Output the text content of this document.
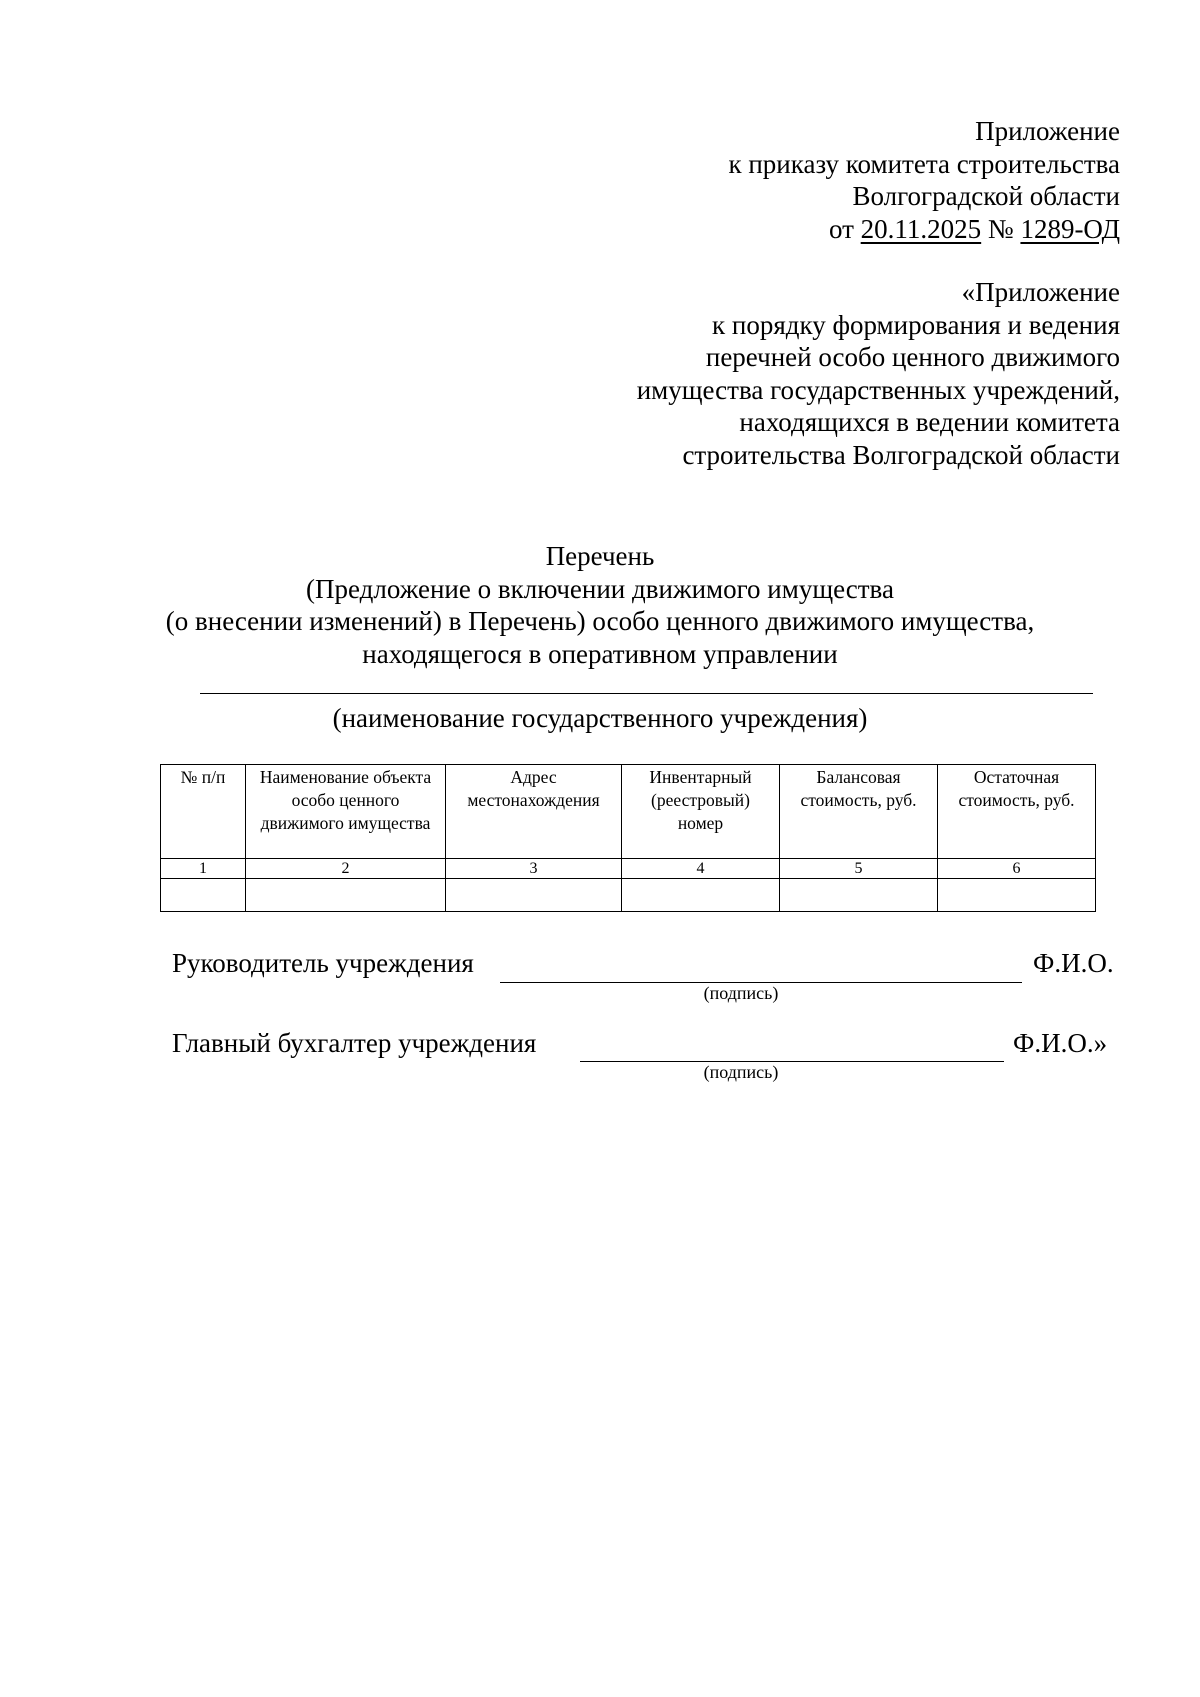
Приложение
к приказу комитета строительства
Волгоградской области
от 20.11.2025 № 1289-ОД
«Приложение
к порядку формирования и ведения
перечней особо ценного движимого
имущества государственных учреждений,
находящихся в ведении комитета
строительства Волгоградской области
Перечень
(Предложение о включении движимого имущества
(о внесении изменений) в Перечень) особо ценного движимого имущества,
находящегося в оперативном управлении
(наименование государственного учреждения)
№ п/п	Наименование объекта особо ценного движимого имущества	Адрес местонахождения	Инвентарный (реестровый) номер	Балансовая стоимость, руб.	Остаточная стоимость, руб.
1	2	3	4	5	6

Руководитель учреждения	Ф.И.О.
(подпись)
Главный бухгалтер учреждения	Ф.И.О.»
(подпись)
